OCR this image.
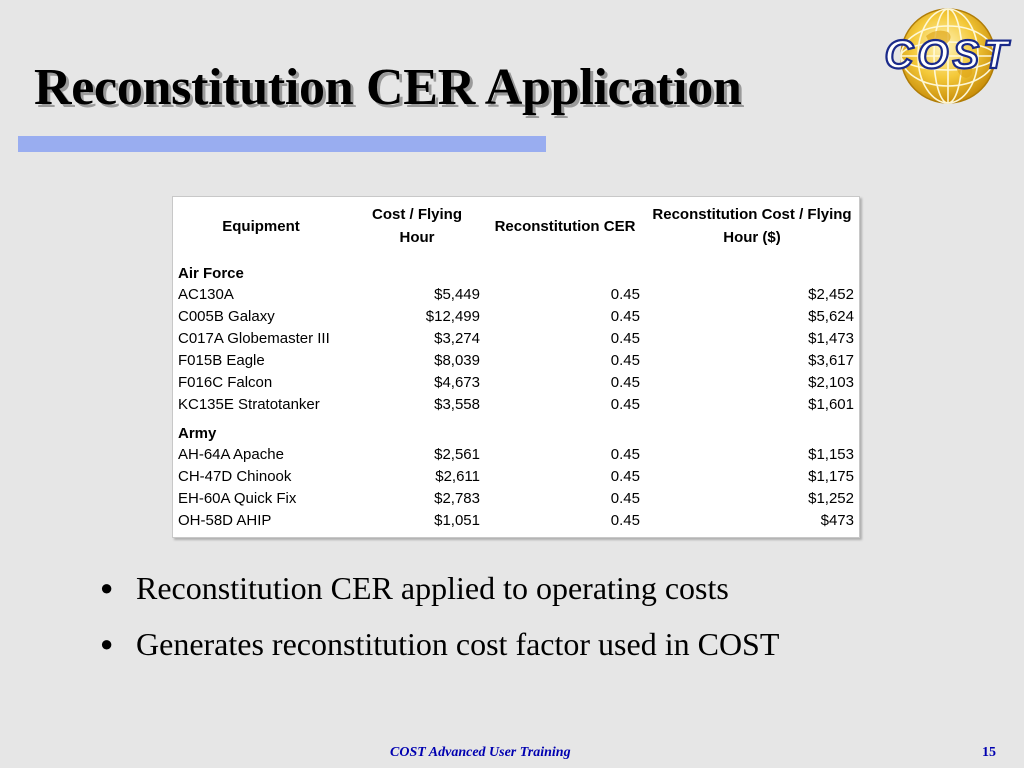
Reconstitution CER Application
COST
Equipment	Cost / Flying Hour	Reconstitution CER	Reconstitution Cost / Flying Hour ($)
Air Force			
AC130A	$5,449	0.45	$2,452
C005B Galaxy	$12,499	0.45	$5,624
C017A Globemaster III	$3,274	0.45	$1,473
F015B Eagle	$8,039	0.45	$3,617
F016C Falcon	$4,673	0.45	$2,103
KC135E Stratotanker	$3,558	0.45	$1,601
Army			
AH-64A Apache	$2,561	0.45	$1,153
CH-47D Chinook	$2,611	0.45	$1,175
EH-60A Quick Fix	$2,783	0.45	$1,252
OH-58D AHIP	$1,051	0.45	$473
● Reconstitution CER applied to operating costs
● Generates reconstitution cost factor used in COST
COST Advanced User Training	15
